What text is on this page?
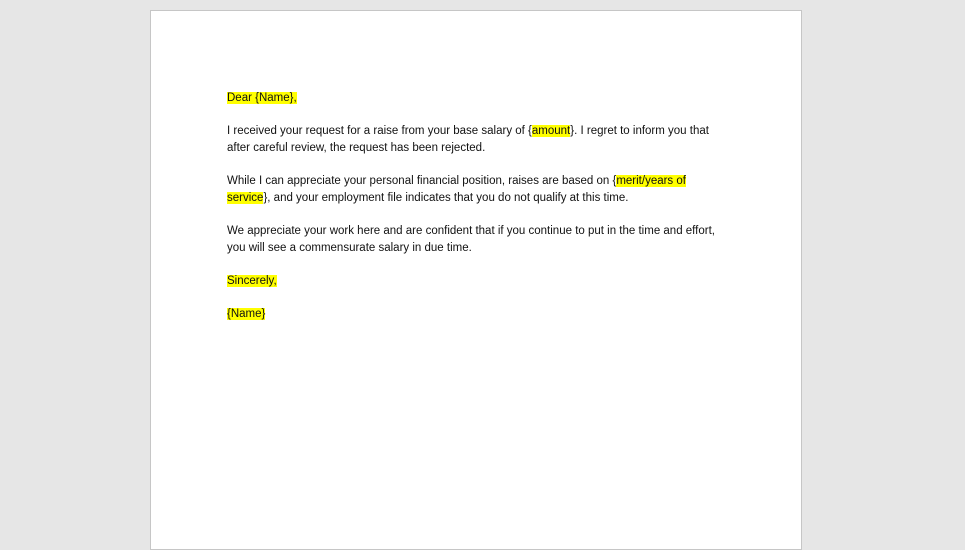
Dear {Name},

I received your request for a raise from your base salary of {amount}. I regret to inform you that after careful review, the request has been rejected.

While I can appreciate your personal financial position, raises are based on {merit/years of service}, and your employment file indicates that you do not qualify at this time.

We appreciate your work here and are confident that if you continue to put in the time and effort, you will see a commensurate salary in due time.

Sincerely,

{Name}
